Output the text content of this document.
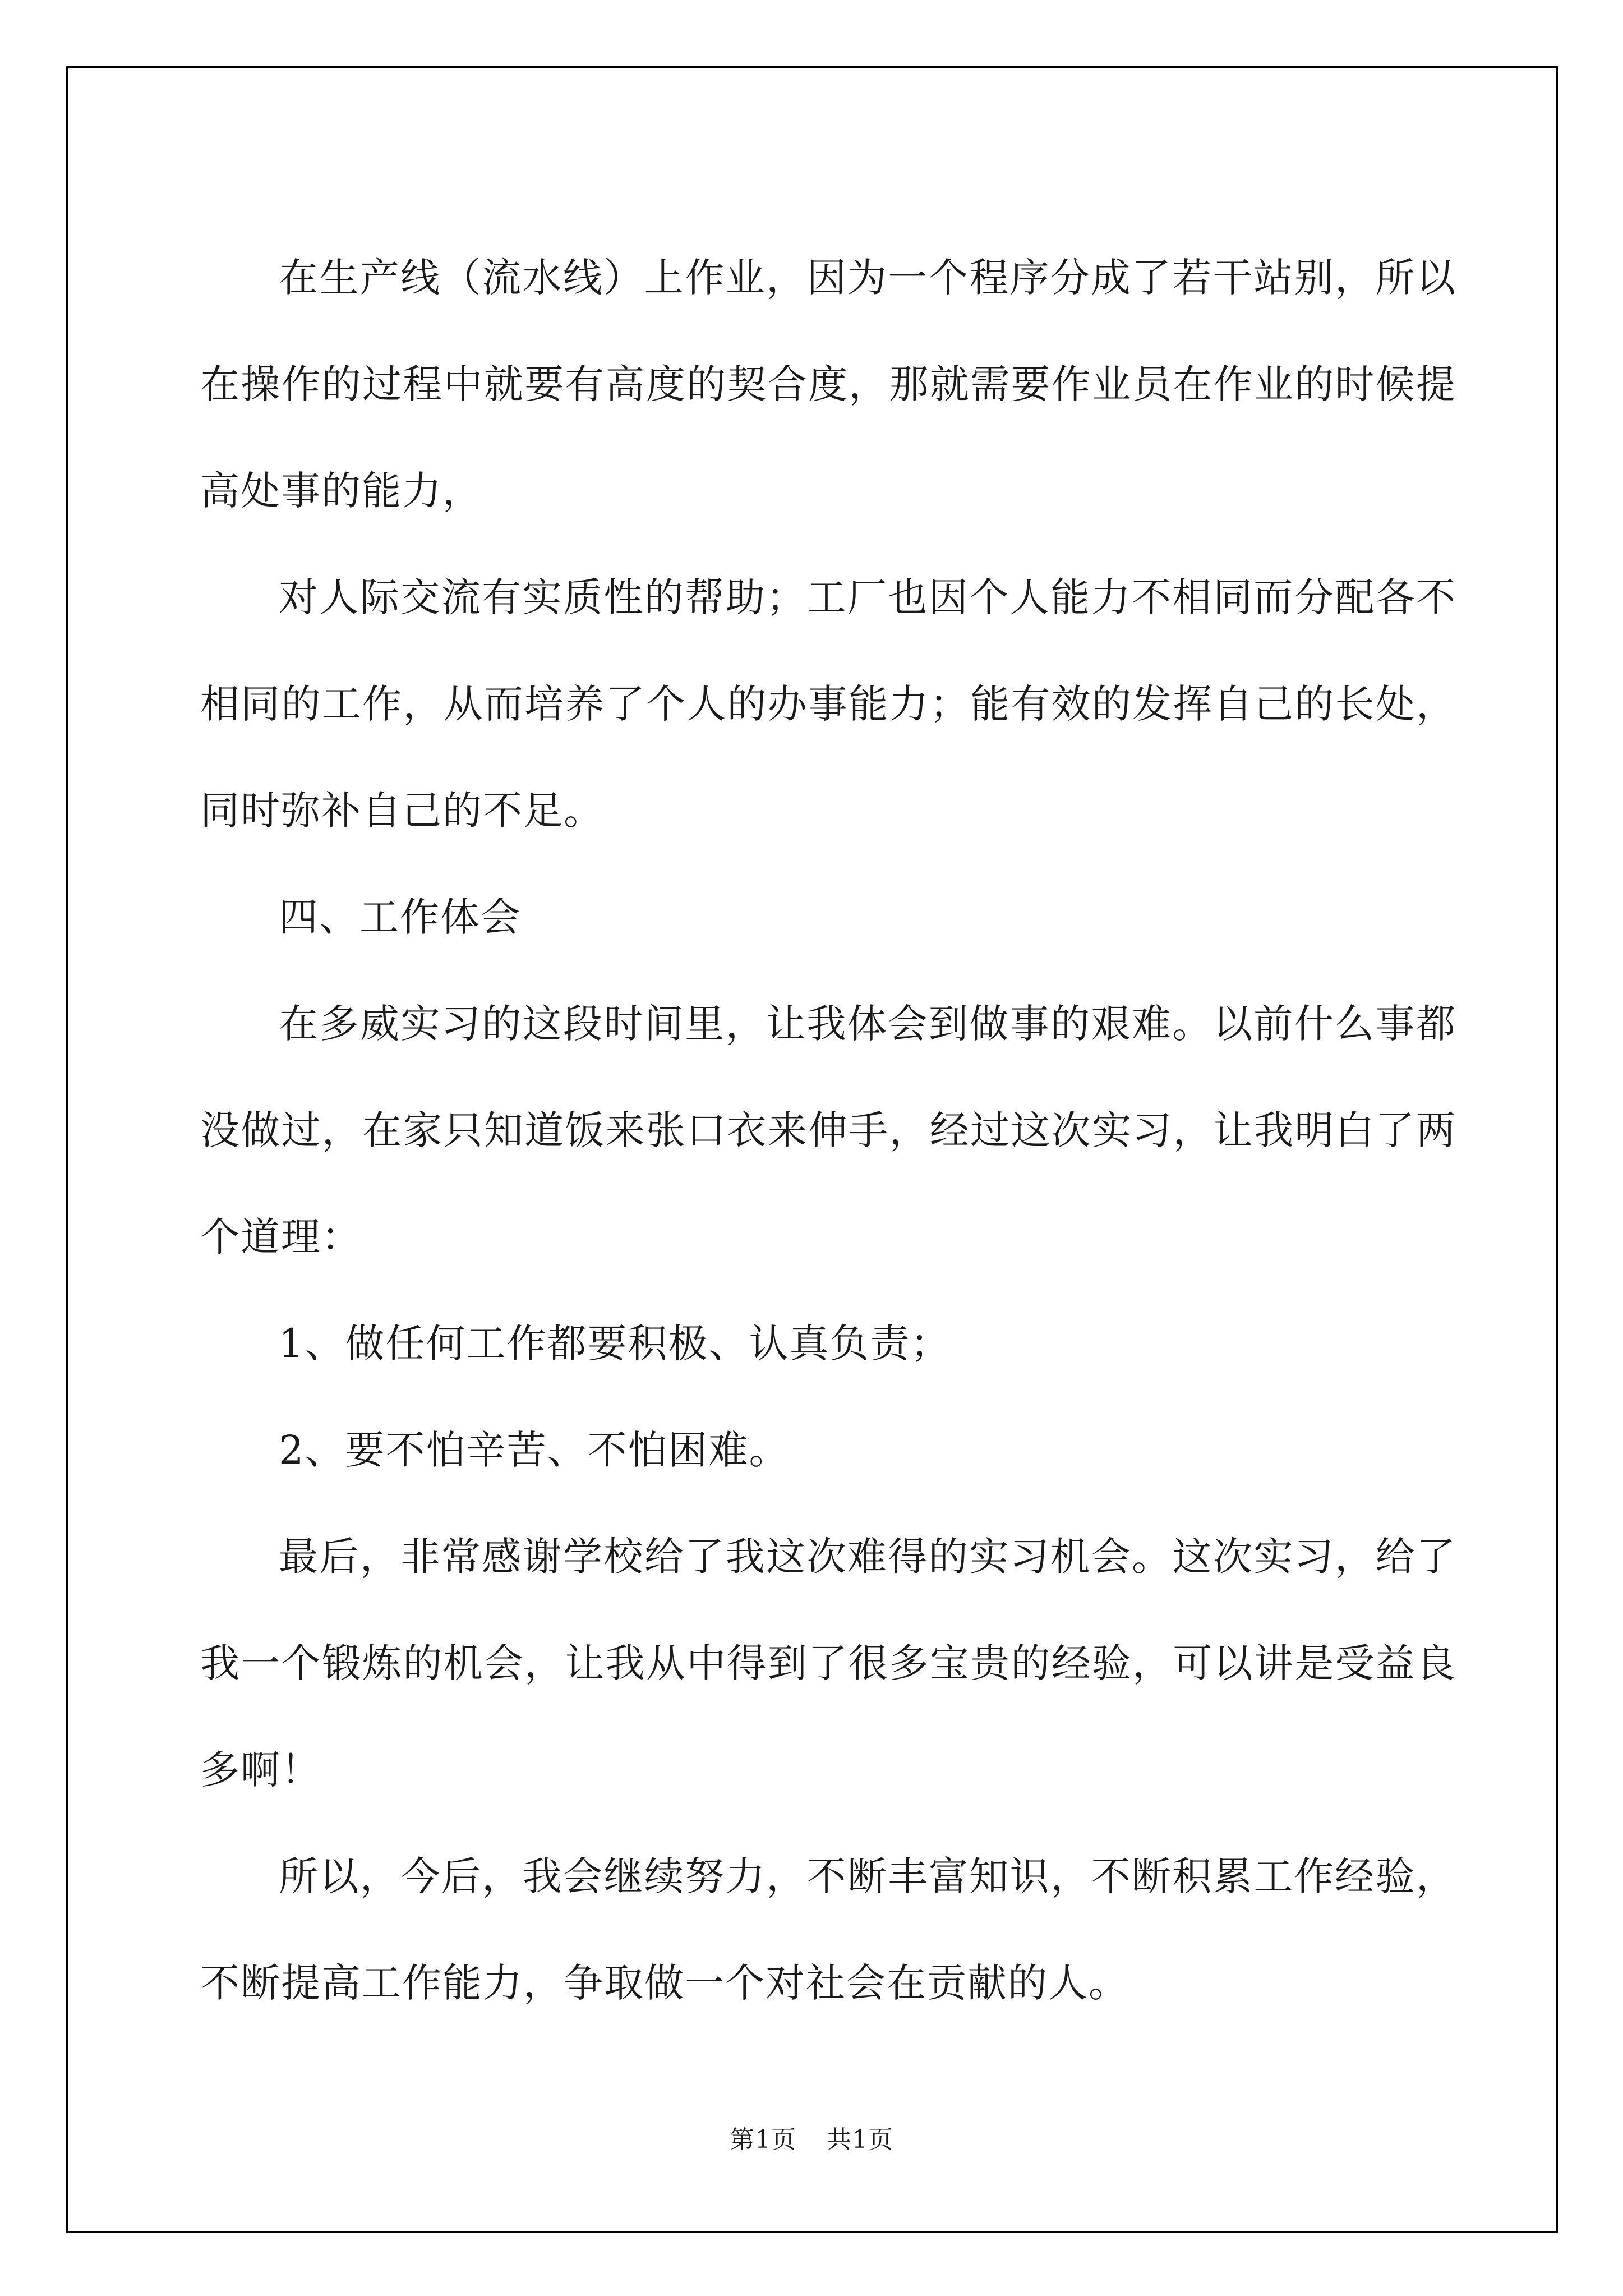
在生产线（流水线）上作业，因为一个程序分成了若干站别，所以在操作的过程中就要有高度的契合度，那就需要作业员在作业的时候提高处事的能力，

对人际交流有实质性的帮助；工厂也因个人能力不相同而分配各不相同的工作，从而培养了个人的办事能力；能有效的发挥自己的长处，同时弥补自己的不足。

四、工作体会

在多威实习的这段时间里，让我体会到做事的艰难。以前什么事都没做过，在家只知道饭来张口衣来伸手，经过这次实习，让我明白了两个道理：

1、做任何工作都要积极、认真负责；

2、要不怕辛苦、不怕困难。

最后，非常感谢学校给了我这次难得的实习机会。这次实习，给了我一个锻炼的机会，让我从中得到了很多宝贵的经验，可以讲是受益良多啊！

所以，今后，我会继续努力，不断丰富知识，不断积累工作经验，不断提高工作能力，争取做一个对社会在贡献的人。

第1页 共1页
